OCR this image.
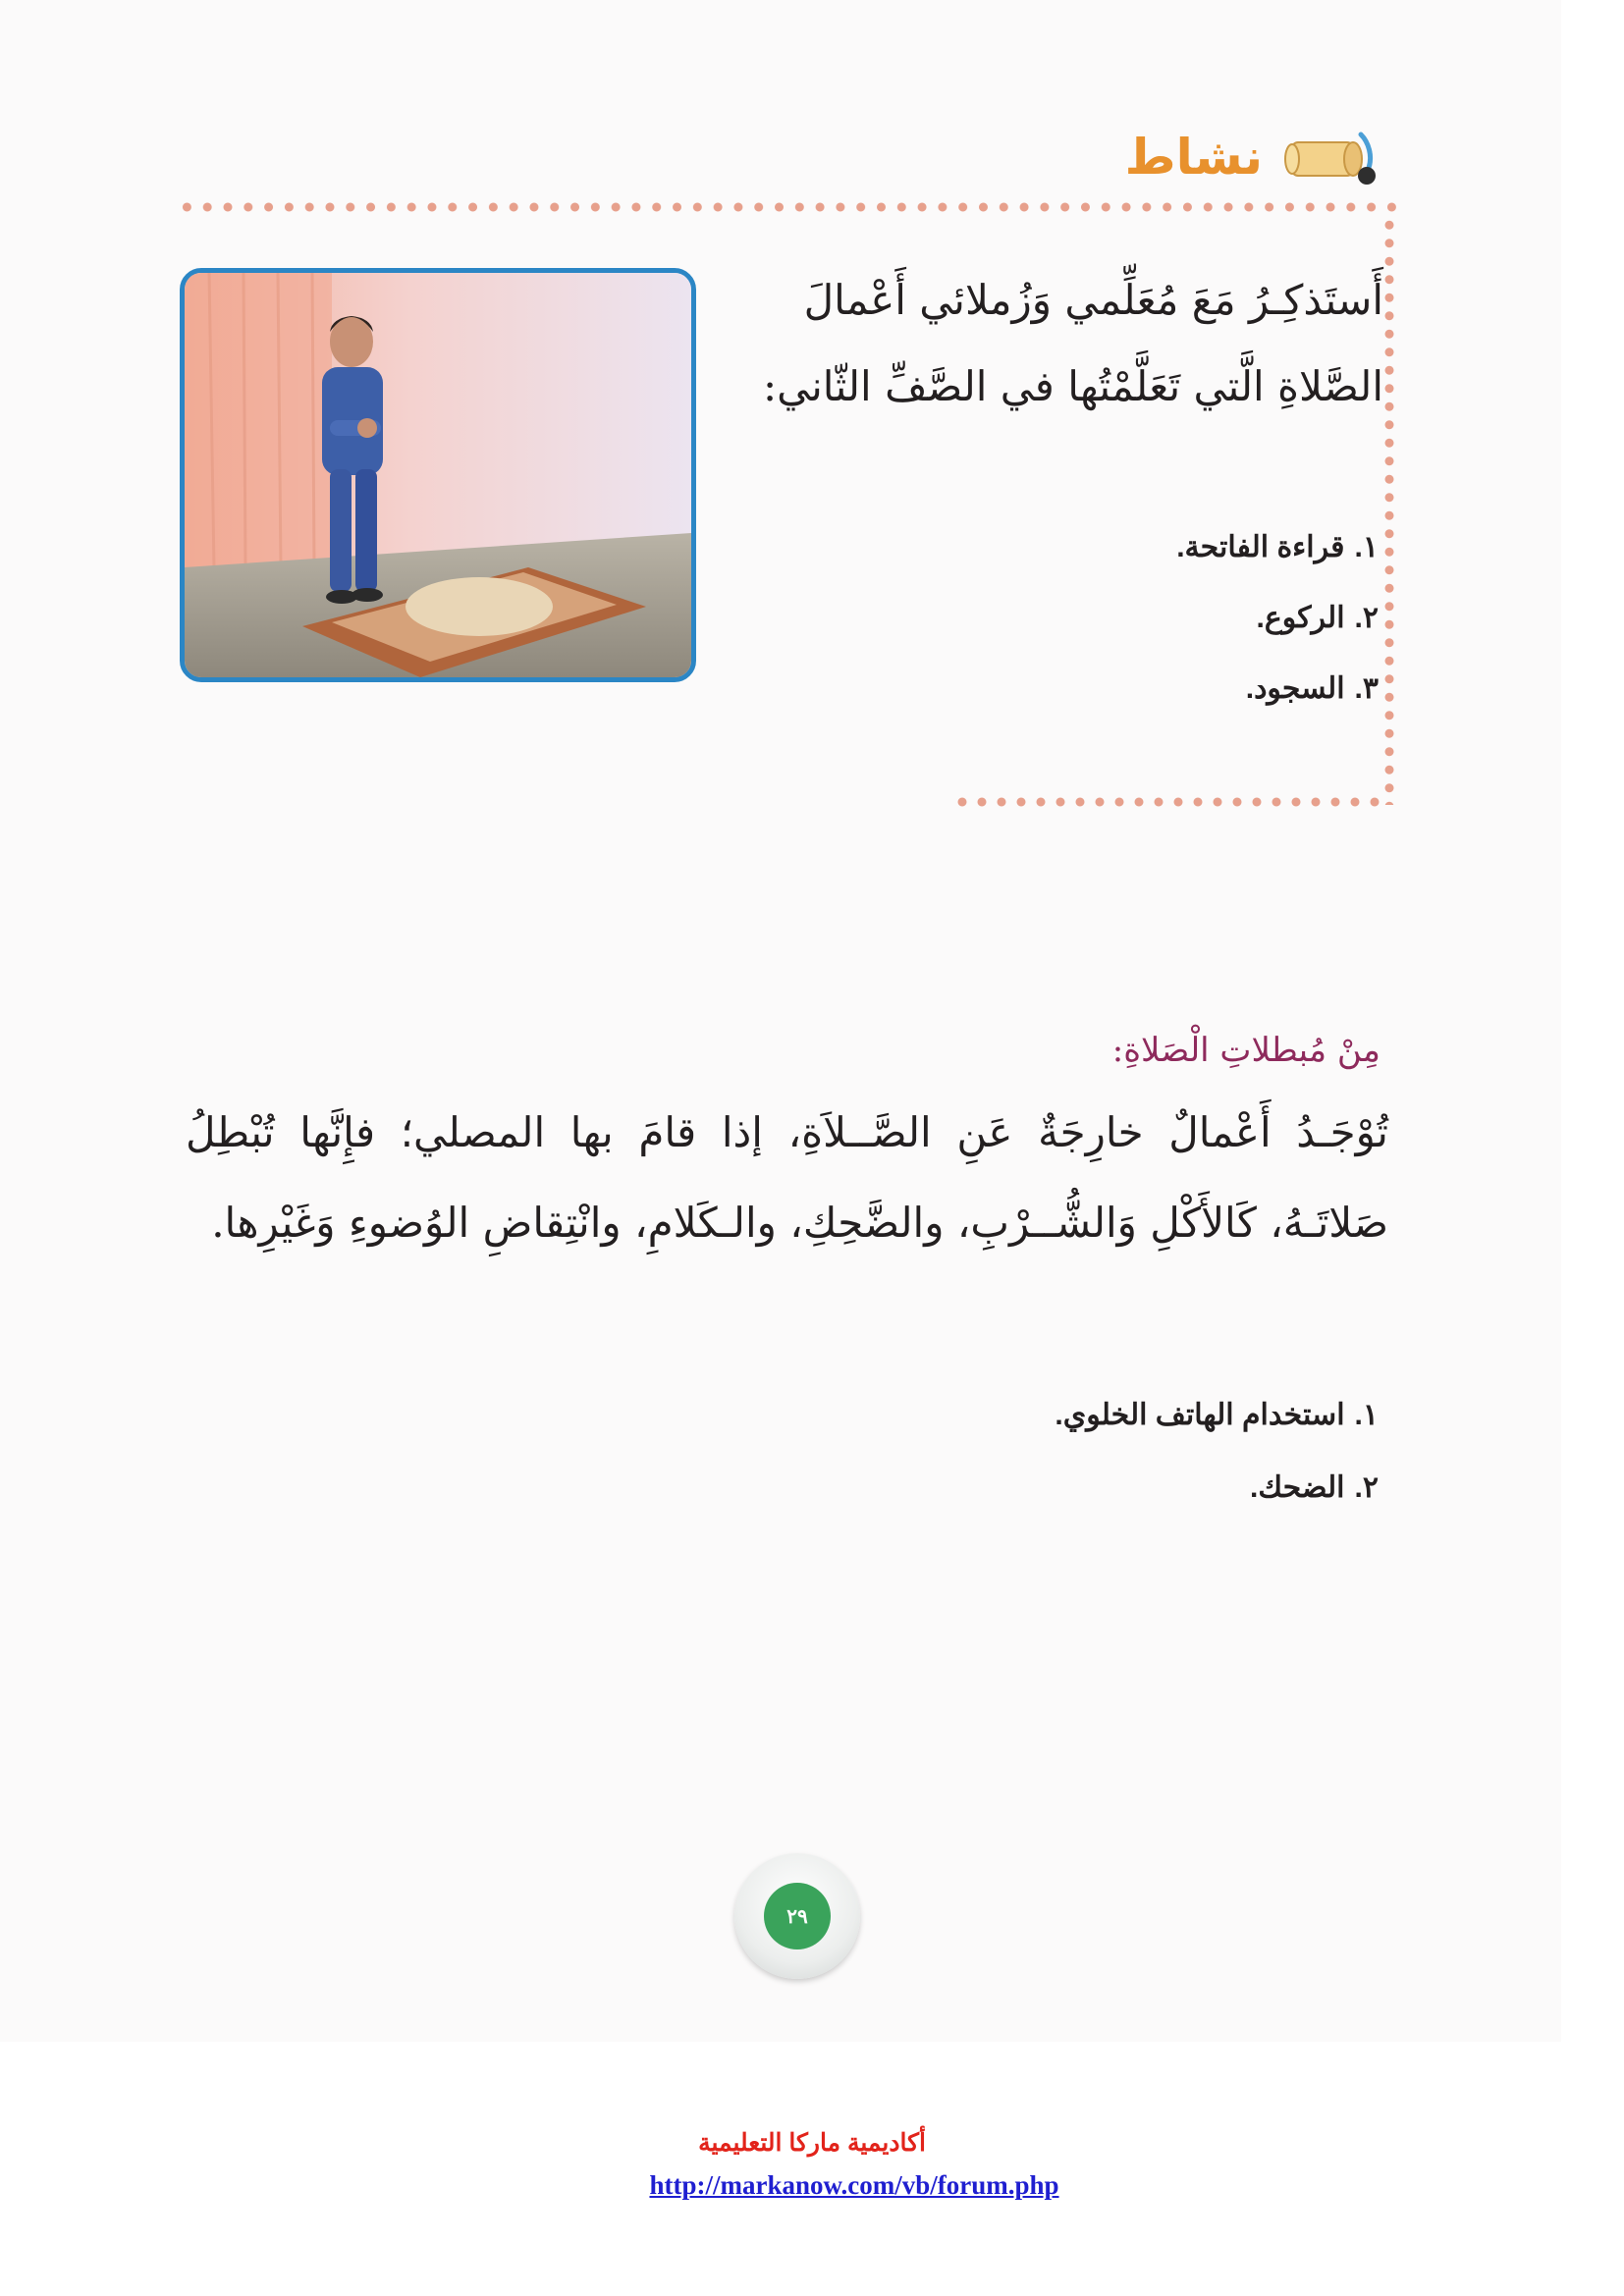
نشاط
أَستَذكِـرُ مَعَ مُعَلِّمي وَزُملائي أَعْمالَ
الصَّلاةِ الَّتي تَعَلَّمْتُها في الصَّفِّ الثّاني:
١.قراءة الفاتحة.
٢.الركوع.
٣.السجود.
مِنْ مُبطلاتِ الْصَلاةِ:
تُوْجَـدُ أَعْمالٌ خارِجَةٌ عَنِ الصَّــلاَةِ، إذا قامَ بها المصلي؛ فإِنَّها تُبْطِلُ صَلاتَـهُ، كَالأَكْلِ وَالشُّــرْبِ، والضَّحِكِ، والـكَلامِ، وانْتِقاضِ الوُضوءِ وَغَيْرِها.
١.استخدام الهاتف الخلوي.
٢.الضحك.
٢٩
أكاديمية ماركا التعليمية
http://markanow.com/vb/forum.php
